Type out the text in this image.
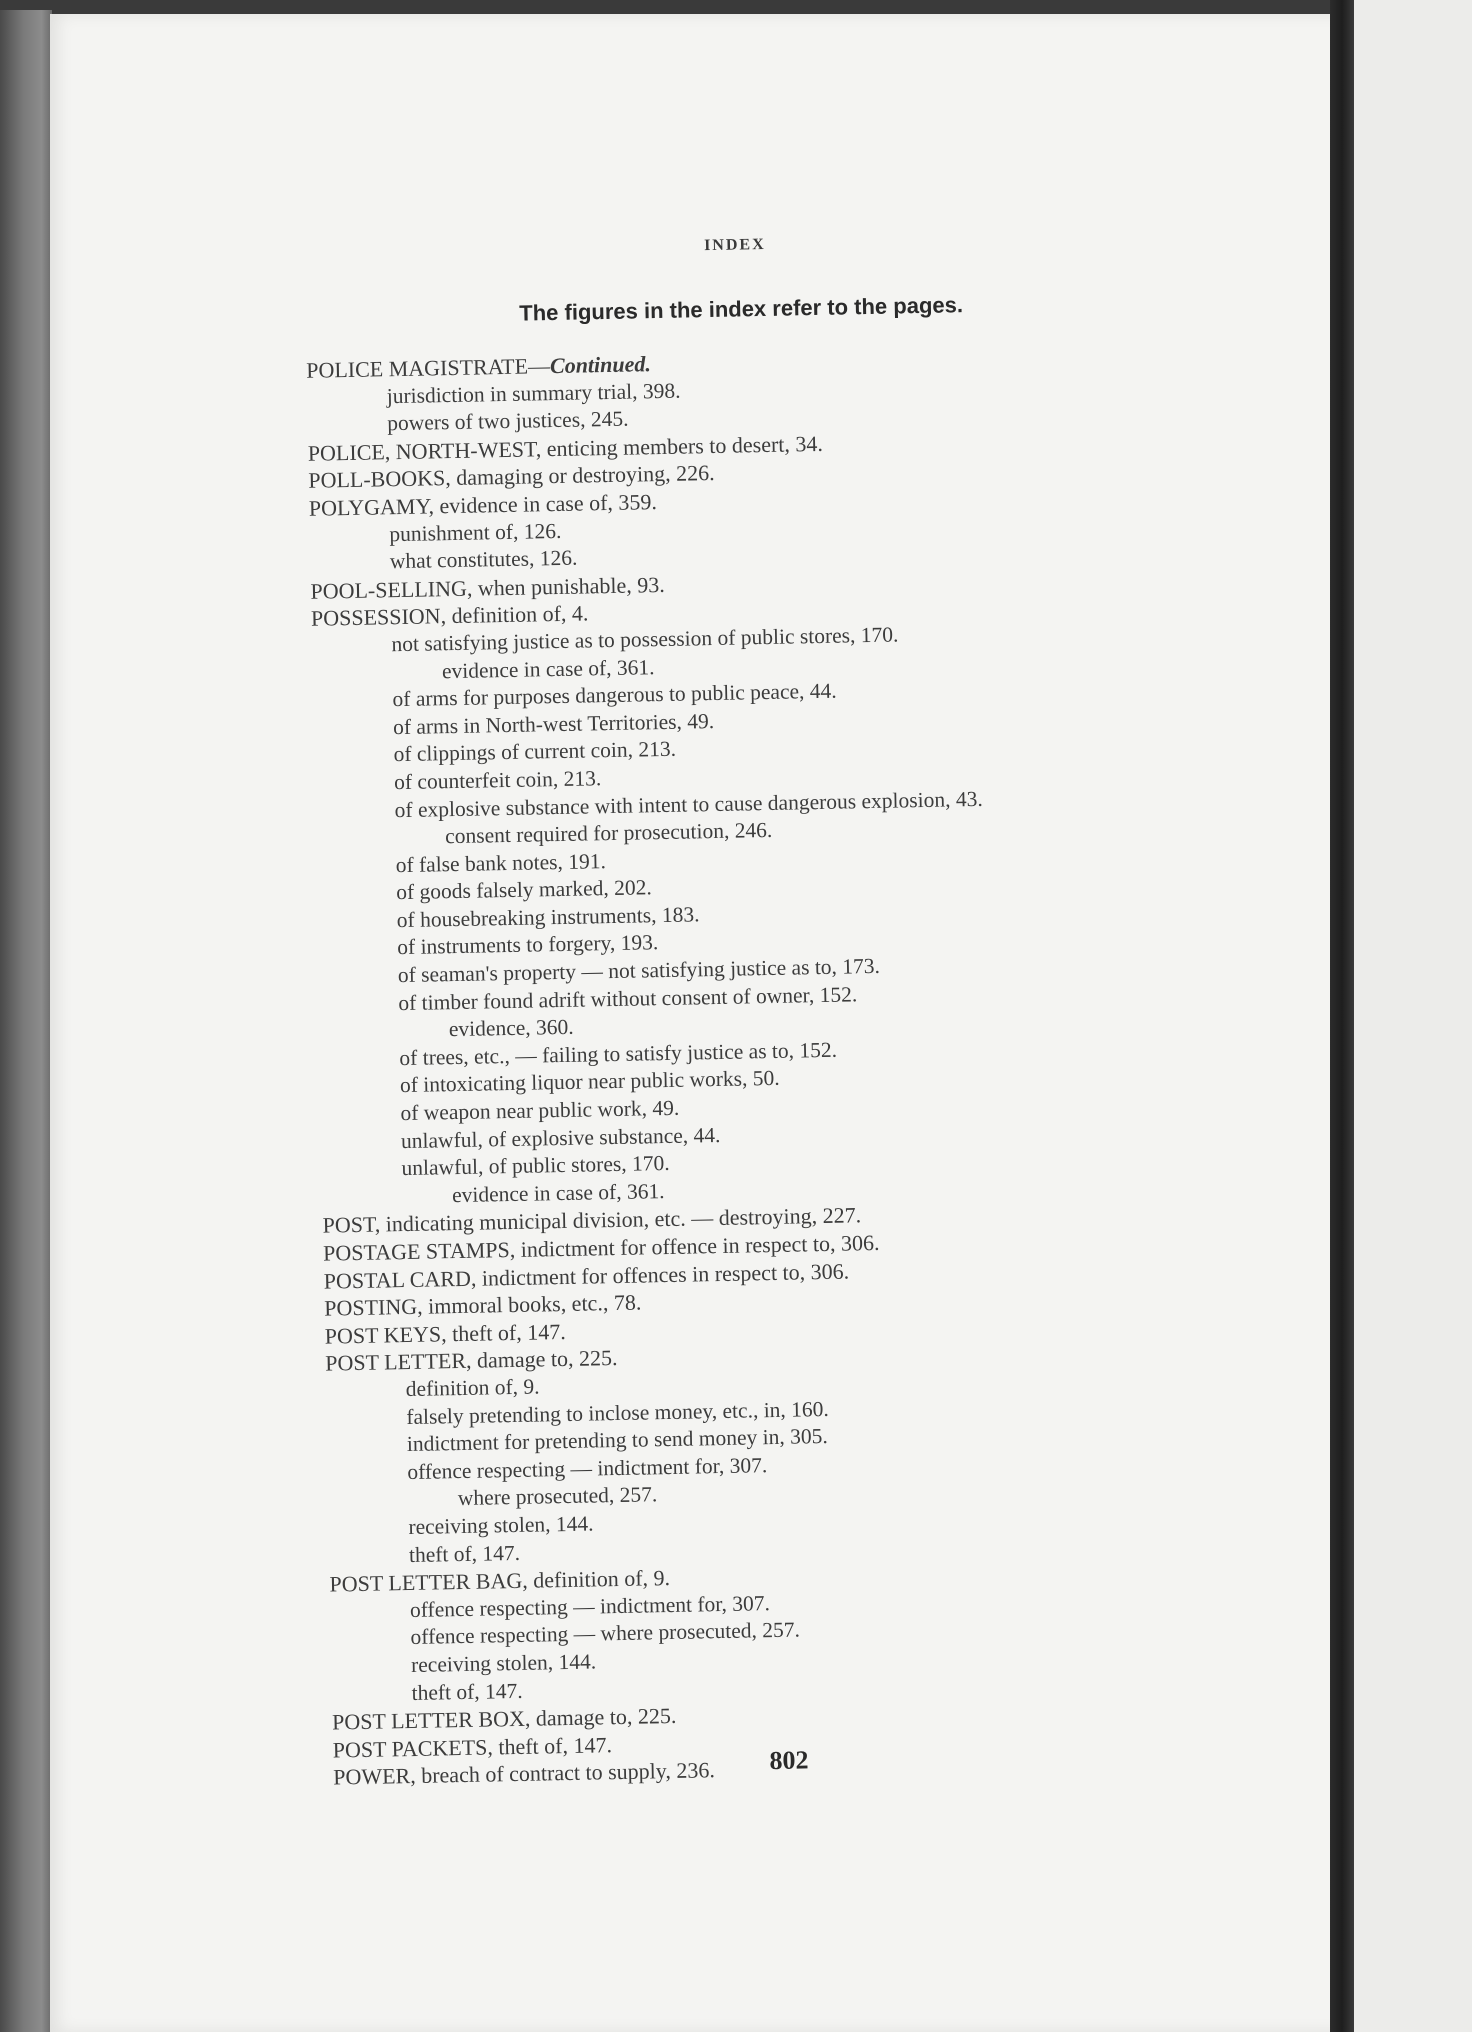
INDEX
The figures in the index refer to the pages.
POLICE MAGISTRATE—Continued.
jurisdiction in summary trial, 398.
powers of two justices, 245.
POLICE, NORTH-WEST, enticing members to desert, 34.
POLL-BOOKS, damaging or destroying, 226.
POLYGAMY, evidence in case of, 359.
punishment of, 126.
what constitutes, 126.
POOL-SELLING, when punishable, 93.
POSSESSION, definition of, 4.
not satisfying justice as to possession of public stores, 170.
evidence in case of, 361.
of arms for purposes dangerous to public peace, 44.
of arms in North-west Territories, 49.
of clippings of current coin, 213.
of counterfeit coin, 213.
of explosive substance with intent to cause dangerous explosion, 43.
consent required for prosecution, 246.
of false bank notes, 191.
of goods falsely marked, 202.
of housebreaking instruments, 183.
of instruments to forgery, 193.
of seaman's property — not satisfying justice as to, 173.
of timber found adrift without consent of owner, 152.
evidence, 360.
of trees, etc., — failing to satisfy justice as to, 152.
of intoxicating liquor near public works, 50.
of weapon near public work, 49.
unlawful, of explosive substance, 44.
unlawful, of public stores, 170.
evidence in case of, 361.
POST, indicating municipal division, etc. — destroying, 227.
POSTAGE STAMPS, indictment for offence in respect to, 306.
POSTAL CARD, indictment for offences in respect to, 306.
POSTING, immoral books, etc., 78.
POST KEYS, theft of, 147.
POST LETTER, damage to, 225.
definition of, 9.
falsely pretending to inclose money, etc., in, 160.
indictment for pretending to send money in, 305.
offence respecting — indictment for, 307.
where prosecuted, 257.
receiving stolen, 144.
theft of, 147.
POST LETTER BAG, definition of, 9.
offence respecting — indictment for, 307.
offence respecting — where prosecuted, 257.
receiving stolen, 144.
theft of, 147.
POST LETTER BOX, damage to, 225.
POST PACKETS, theft of, 147.
POWER, breach of contract to supply, 236.	802
